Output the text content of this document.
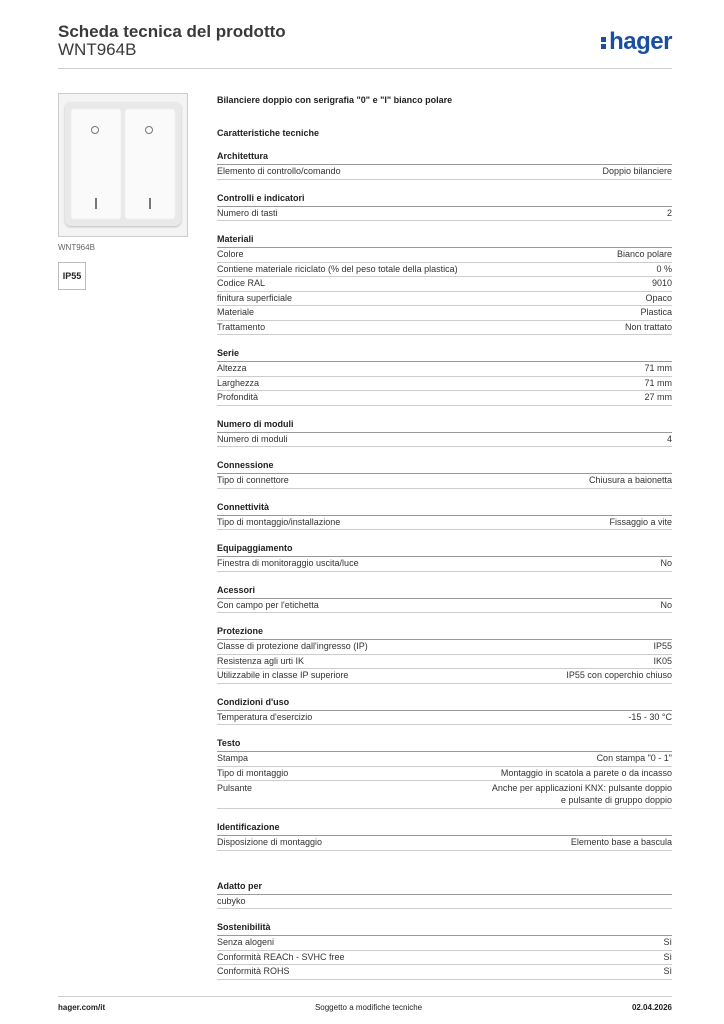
Scheda tecnica del prodotto
WNT964B	hager
WNT964B
IP55
Bilanciere doppio con serigrafia "0" e "I" bianco polare
Caratteristiche tecniche
Architettura
Elemento di controllo/comando	Doppio bilanciere
Controlli e indicatori
Numero di tasti	2
Materiali
Colore	Bianco polare
Contiene materiale riciclato (% del peso totale della plastica)	0 %
Codice RAL	9010
finitura superficiale	Opaco
Materiale	Plastica
Trattamento	Non trattato
Serie
Altezza	71 mm
Larghezza	71 mm
Profondità	27 mm
Numero di moduli
Numero di moduli	4
Connessione
Tipo di connettore	Chiusura a baionetta
Connettività
Tipo di montaggio/installazione	Fissaggio a vite
Equipaggiamento
Finestra di monitoraggio uscita/luce	No
Acessori
Con campo per l'etichetta	No
Protezione
Classe di protezione dall'ingresso (IP)	IP55
Resistenza agli urti IK	IK05
Utilizzabile in classe IP superiore	IP55 con coperchio chiuso
Condizioni d'uso
Temperatura d'esercizio	-15 - 30 °C
Testo
Stampa	Con stampa "0 - 1"
Tipo di montaggio	Montaggio in scatola a parete o da incasso
Pulsante	Anche per applicazioni KNX: pulsante doppio
e pulsante di gruppo doppio
Identificazione
Disposizione di montaggio	Elemento base a bascula
Adatto per
cubyko
Sostenibilità
Senza alogeni	Sì
Conformità REACh - SVHC free	Sì
Conformità ROHS	Sì
hager.com/it	Soggetto a modifiche tecniche	02.04.2026
